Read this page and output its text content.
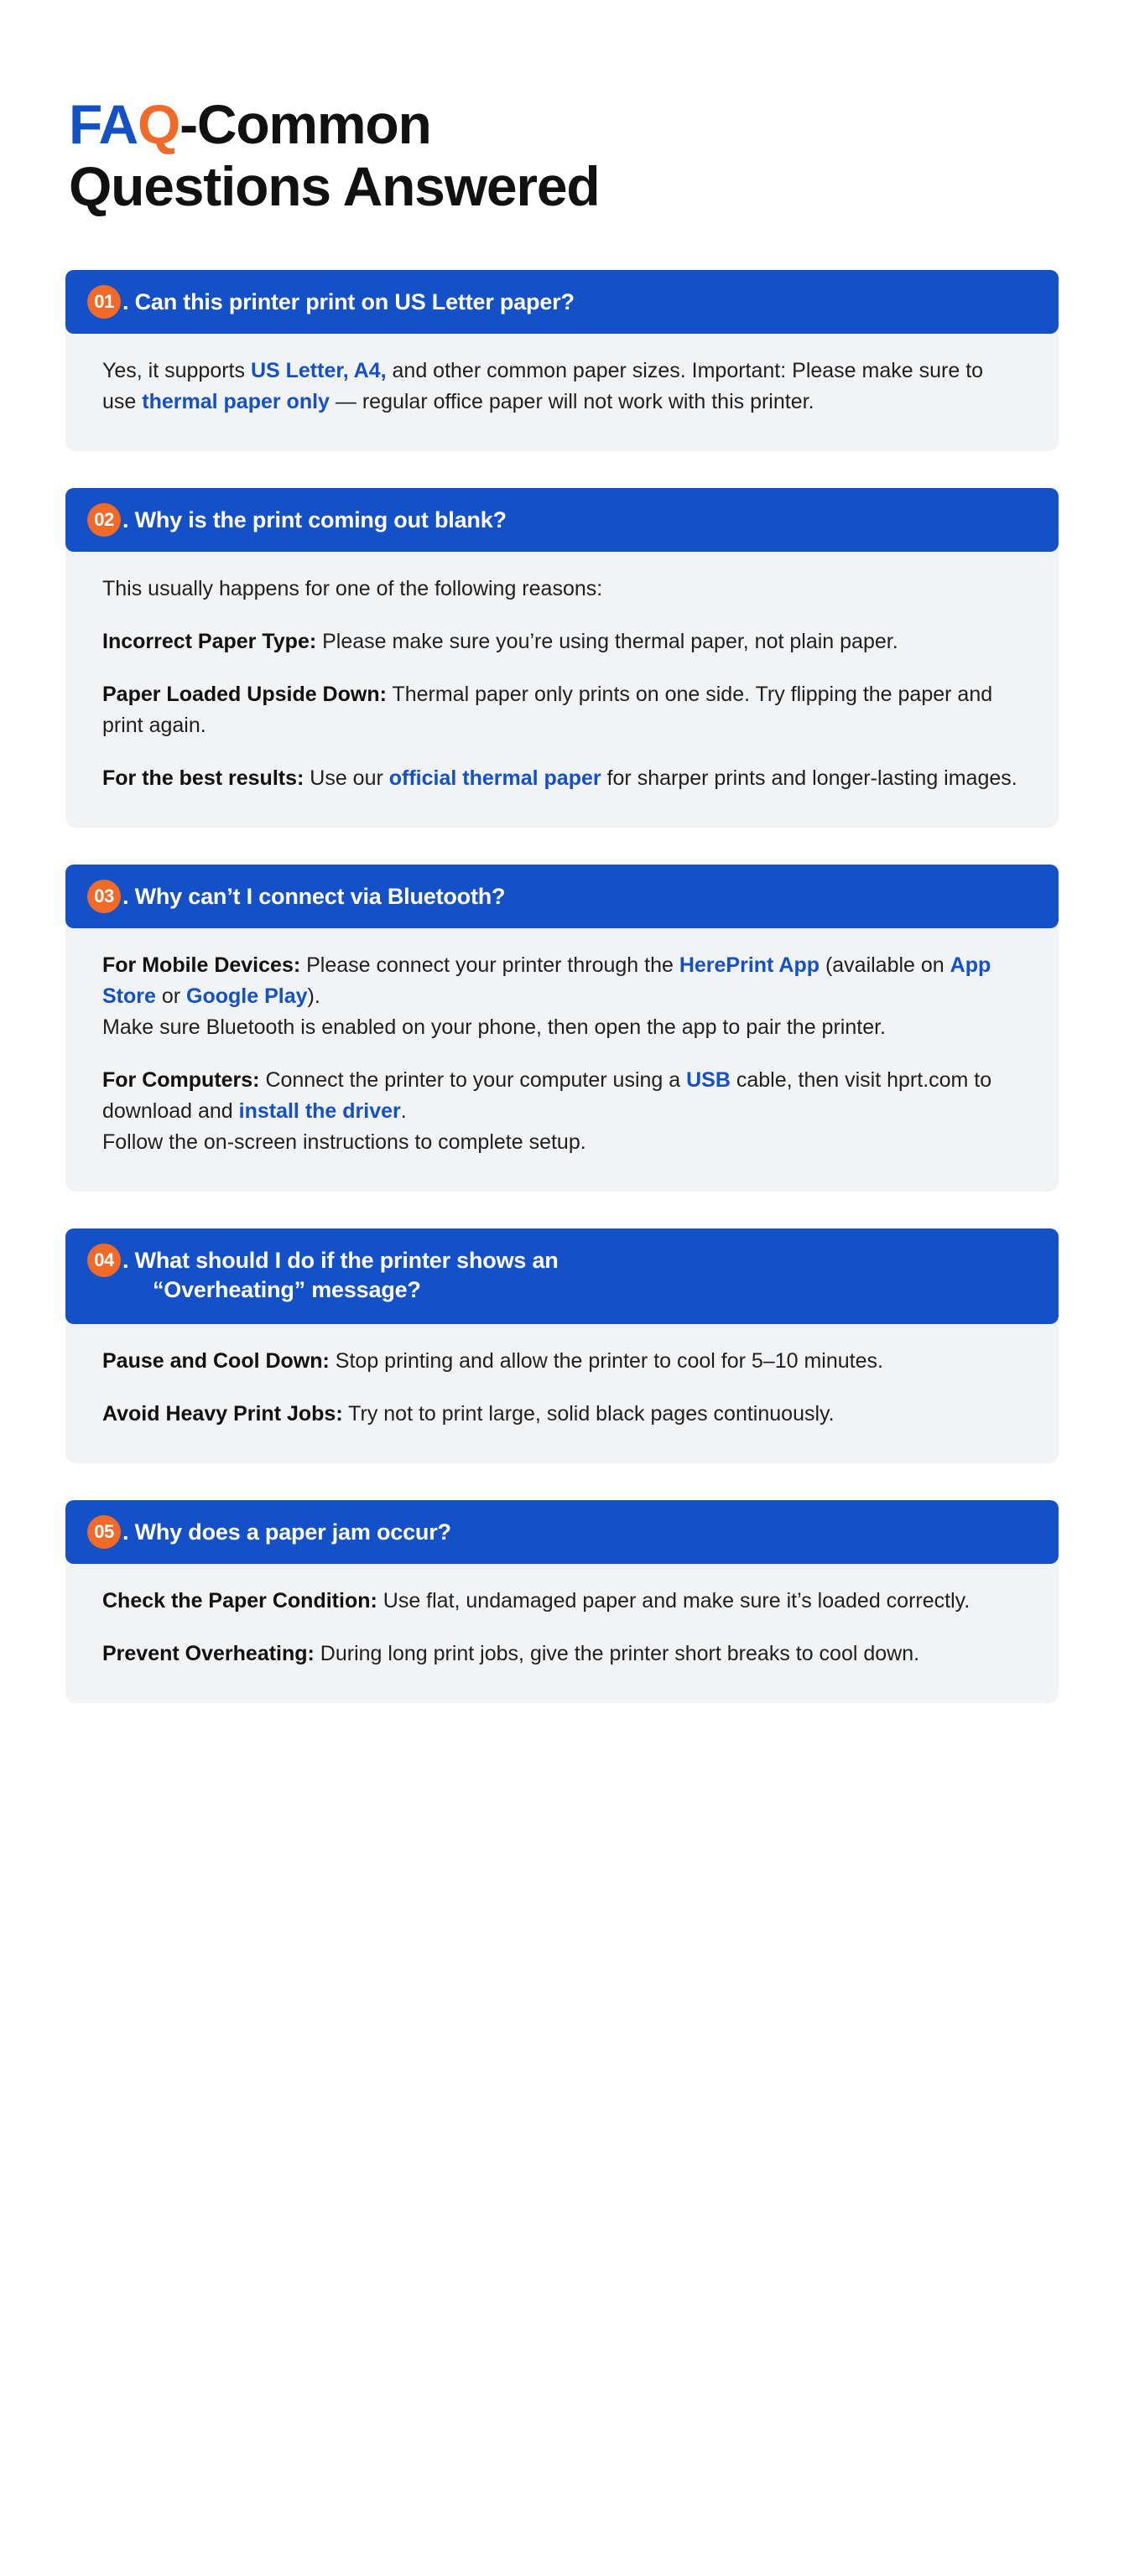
FAQ-Common
Questions Answered
01 . Can this printer print on US Letter paper?

Yes, it supports US Letter, A4, and other common paper sizes. Important: Please make sure to use thermal paper only — regular office paper will not work with this printer.

02 . Why is the print coming out blank?

This usually happens for one of the following reasons:

Incorrect Paper Type: Please make sure you’re using thermal paper, not plain paper.

Paper Loaded Upside Down: Thermal paper only prints on one side. Try flipping the paper and print again.

For the best results: Use our official thermal paper for sharper prints and longer-lasting images.

03 . Why can’t I connect via Bluetooth?

For Mobile Devices: Please connect your printer through the HerePrint App (available on App Store or Google Play).
Make sure Bluetooth is enabled on your phone, then open the app to pair the printer.

For Computers: Connect the printer to your computer using a USB cable, then visit hprt.com to download and install the driver.
Follow the on-screen instructions to complete setup.

04 . What should I do if the printer shows an
“Overheating” message?

Pause and Cool Down: Stop printing and allow the printer to cool for 5–10 minutes.

Avoid Heavy Print Jobs: Try not to print large, solid black pages continuously.

05 . Why does a paper jam occur?

Check the Paper Condition: Use flat, undamaged paper and make sure it’s loaded correctly.

Prevent Overheating: During long print jobs, give the printer short breaks to cool down.
